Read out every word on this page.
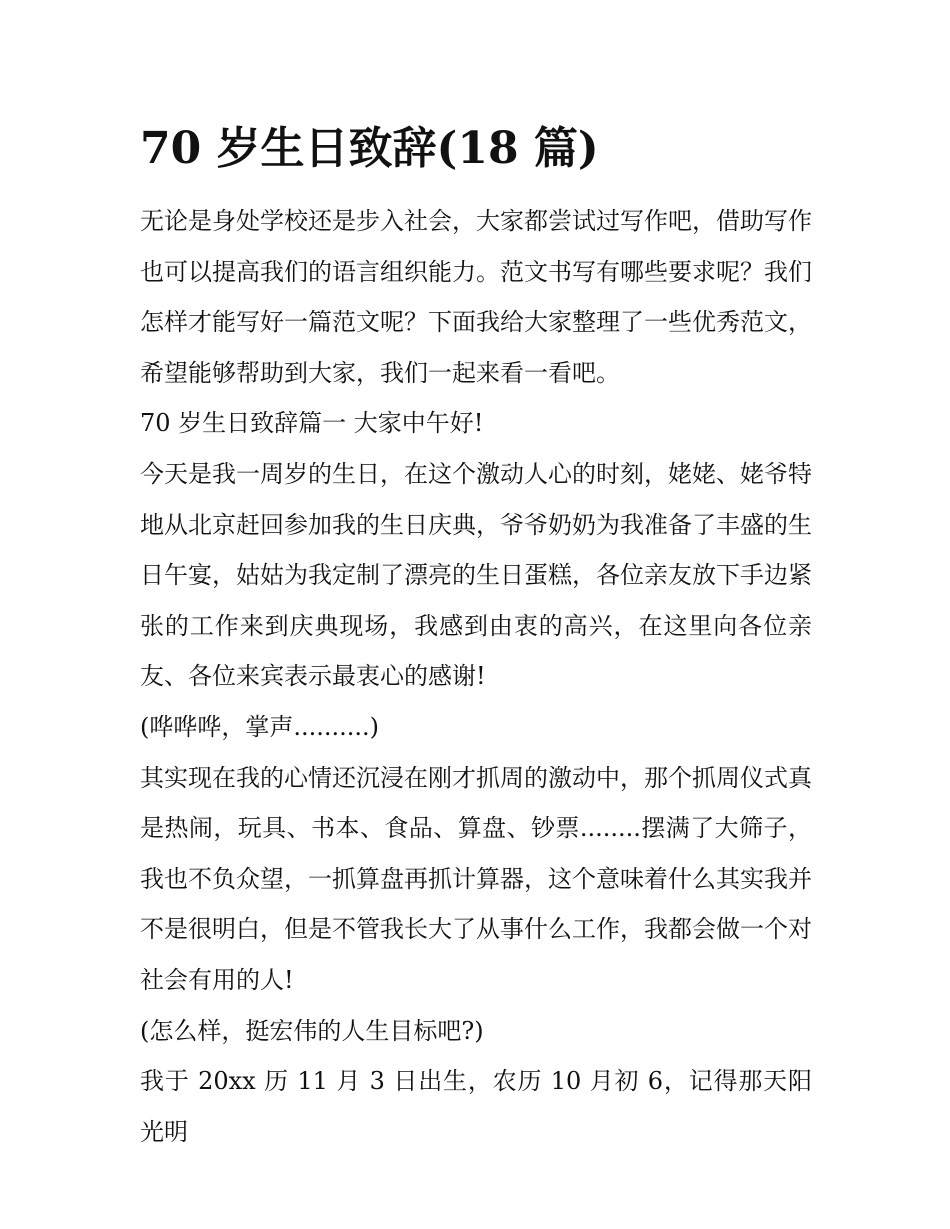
70 岁生日致辞(18 篇)

无论是身处学校还是步入社会，大家都尝试过写作吧，借助写作也可以提高我们的语言组织能力。范文书写有哪些要求呢？我们怎样才能写好一篇范文呢？下面我给大家整理了一些优秀范文，希望能够帮助到大家，我们一起来看一看吧。

70 岁生日致辞篇一 大家中午好!

今天是我一周岁的生日，在这个激动人心的时刻，姥姥、姥爷特地从北京赶回参加我的生日庆典，爷爷奶奶为我准备了丰盛的生日午宴，姑姑为我定制了漂亮的生日蛋糕，各位亲友放下手边紧张的工作来到庆典现场，我感到由衷的高兴，在这里向各位亲友、各位来宾表示最衷心的感谢!

(哗哗哗，掌声..........)

其实现在我的心情还沉浸在刚才抓周的激动中，那个抓周仪式真是热闹，玩具、书本、食品、算盘、钞票........摆满了大筛子，我也不负众望，一抓算盘再抓计算器，这个意味着什么其实我并不是很明白，但是不管我长大了从事什么工作，我都会做一个对社会有用的人!

(怎么样，挺宏伟的人生目标吧?)

我于 20xx 历 11 月 3 日出生，农历 10 月初 6，记得那天阳光明
